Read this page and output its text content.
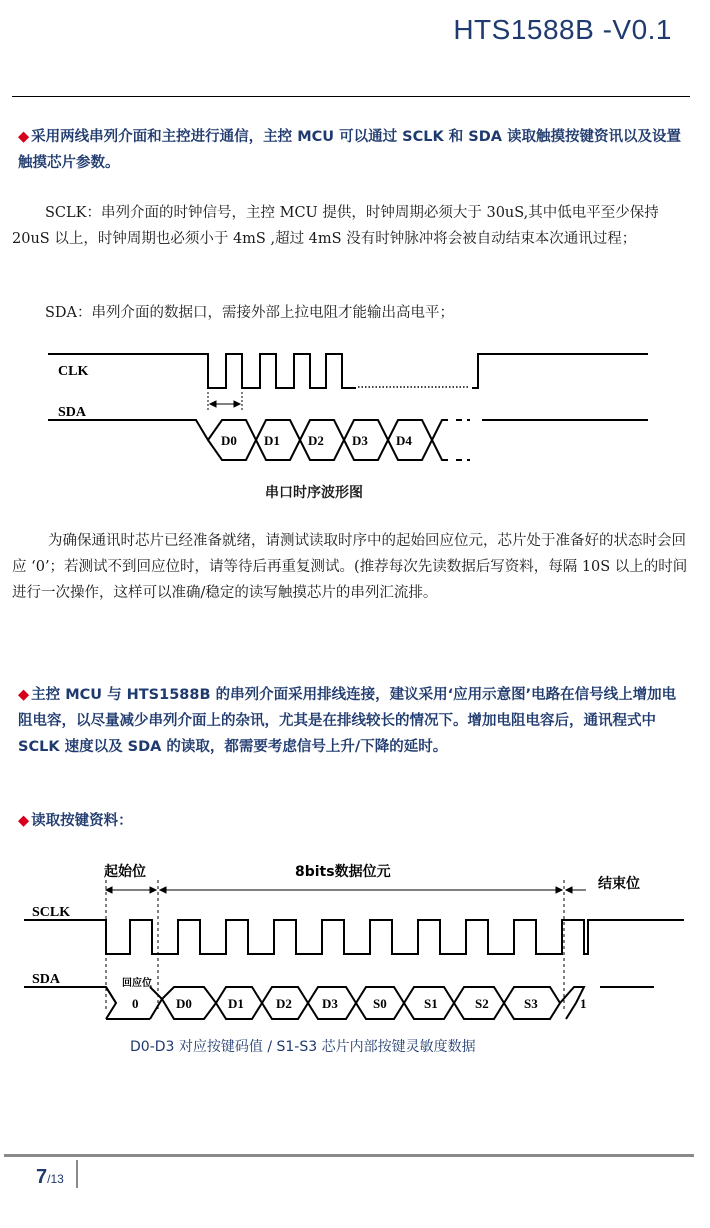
HTS1588B -V0.1
◆ 采用两线串列介面和主控进行通信，主控 MCU 可以通过 SCLK 和 SDA 读取触摸按键资讯以及设置触摸芯片参数。
SCLK：串列介面的时钟信号，主控 MCU 提供，时钟周期必须大于 30uS,其中低电平至少保持 20uS 以上，时钟周期也必须小于 4mS ,超过 4mS 没有时钟脉冲将会被自动结束本次通讯过程；
SDA：串列介面的数据口，需接外部上拉电阻才能输出高电平；
CLK
SDA
D0 D1 D2 D3 D4
串口时序波形图
为确保通讯时芯片已经准备就绪，请测试读取时序中的起始回应位元，芯片处于准备好的状态时会回应 ‘0’；若测试不到回应位时，请等待后再重复测试。(推荐每次先读数据后写资料，每隔 10S 以上的时间进行一次操作，这样可以准确/稳定的读写触摸芯片的串列汇流排。
◆ 主控 MCU 与 HTS1588B 的串列介面采用排线连接，建议采用‘应用示意图’电路在信号线上增加电阻电容，以尽量减少串列介面上的杂讯，尤其是在排线较长的情况下。增加电阻电容后，通讯程式中 SCLK 速度以及 SDA 的读取，都需要考虑信号上升/下降的延时。
◆ 读取按键资料：
起始位	8bits数据位元
结束位
SCLK
SDA	回应位
0	D0	D1 D2 D3	S0	S1	S2	S3	1
D0-D3 对应按键码值 / S1-S3 芯片内部按键灵敏度数据
7/13
